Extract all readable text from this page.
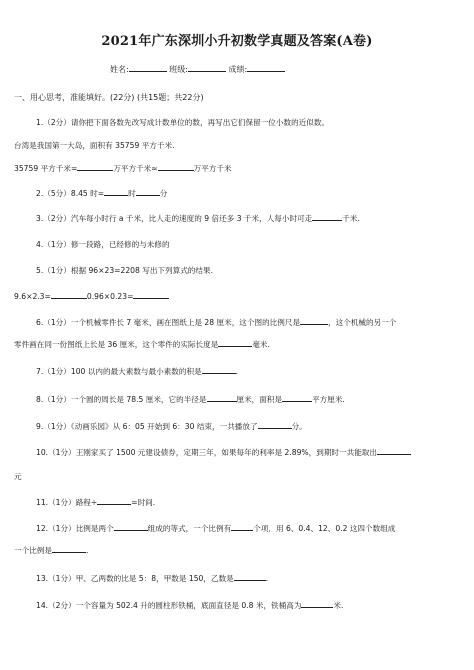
2021年广东深圳小升初数学真题及答案(A卷)
姓名:	班级:	成绩:
一、用心思考，准能填好。(22分) (共15题；共22分)
1.（2分）请你把下面各数先改写成计数单位的数，再写出它们保留一位小数的近似数。
台湾是我国第一大岛，面积有 35759 平方千米.
35759 平方千米=	万平方千米≈	万平方千米
2.（5分）8.45 时=	时	分
3.（2分）汽车每小时行 a 千米，比人走的速度的 9 倍还多 3 千米，人每小时可走	千米.
4.（1分）修一段路，已经修的与未修的
5.（1分）根据 96×23=2208 写出下列算式的结果.
9.6×2.3=	0.96×0.23=
6.（1分）一个机械零件长 7 毫米，画在图纸上是 28 厘米，这个图的比例尺是	，这个机械的另一个
零件画在同一份图纸上长是 36 厘米，这个零件的实际长度是	毫米.
7.（1分）100 以内的最大素数与最小素数的积是	.
8.（1分）一个圆的周长是 78.5 厘米，它的半径是	厘米，面积是	平方厘米.
9.（1分）《动画乐园》从 6：05 开始到 6：30 结束，一共播放了	分。
10.（1分）王刚家买了 1500 元建设债券，定期三年，如果每年的利率是 2.89%，到期时一共能取出
元
11.（1分）路程÷	=时间.
12.（1分）比例是两个	组成的等式，一个比例有	个项．用 6、0.4、12、0.2 这四个数组成
一个比例是	.
13.（1分）甲、乙两数的比是 5：8，甲数是 150，乙数是	.
14.（2分）一个容量为 502.4 升的圆柱形铁桶，底面直径是 0.8 米，铁桶高为	米.
